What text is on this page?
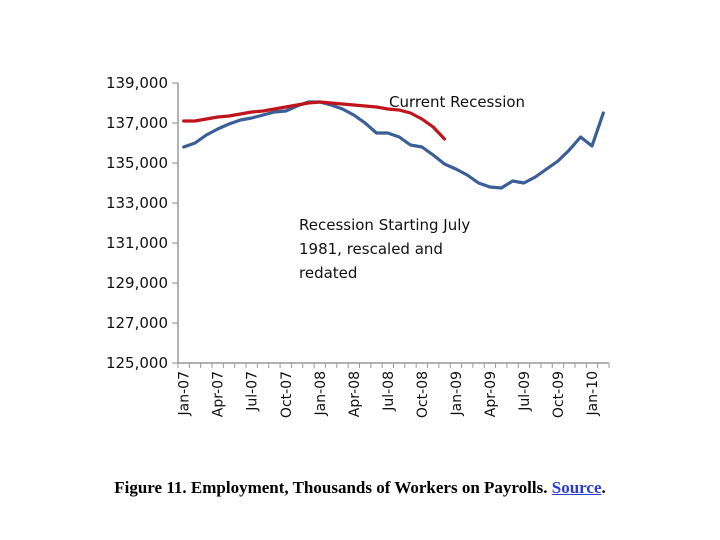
125,000
127,000
129,000
131,000
133,000
135,000
137,000
139,000
Jan-07 Apr-07 Jul-07 Oct-07 Jan-08 Apr-08 Jul-08 Oct-08 Jan-09 Apr-09 Jul-09 Oct-09 Jan-10
Current Recession
Recession Starting July
1981, rescaled and
redated
Figure 11. Employment, Thousands of Workers on Payrolls. Source.
